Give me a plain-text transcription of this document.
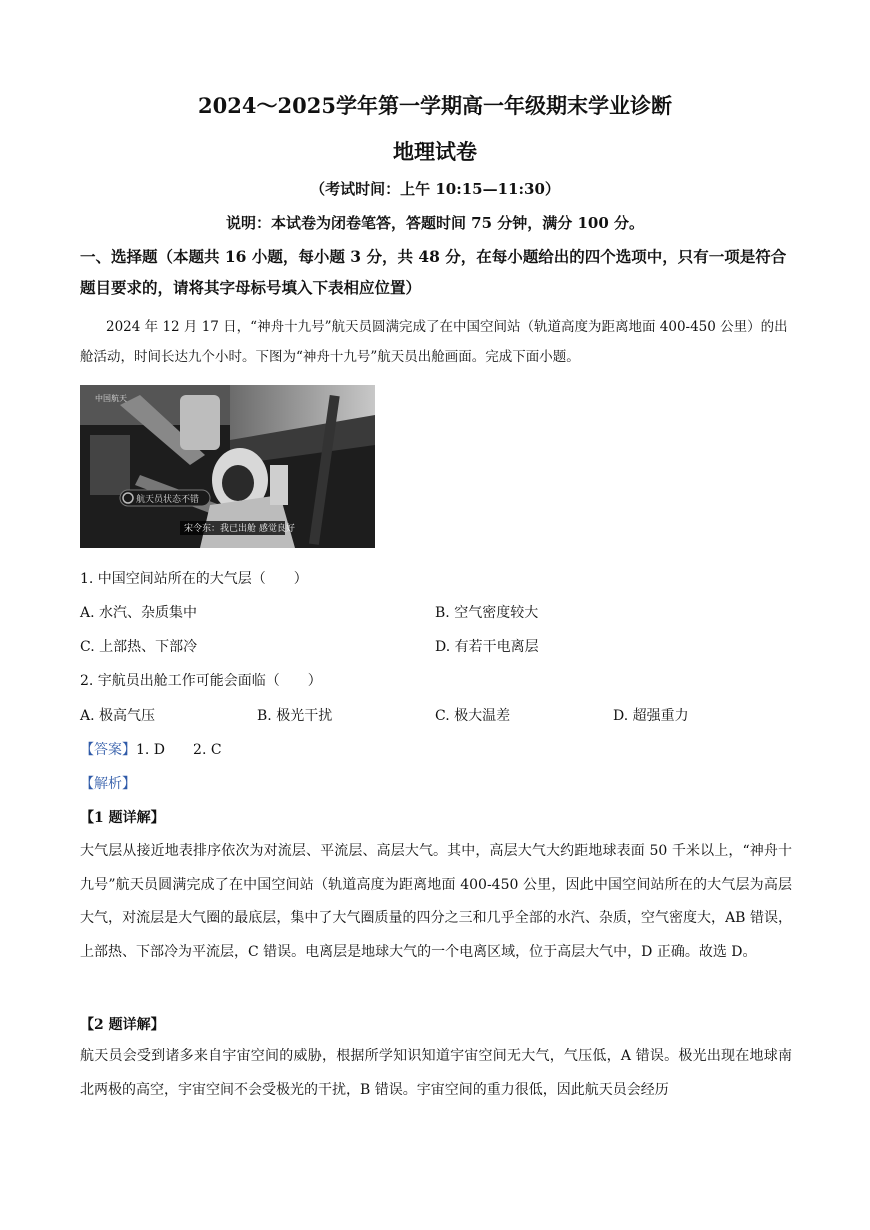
2024～2025学年第一学期高一年级期末学业诊断
地理试卷
（考试时间：上午 10:15—11:30）
说明：本试卷为闭卷笔答，答题时间 75 分钟，满分 100 分。
一、选择题（本题共 16 小题，每小题 3 分，共 48 分，在每小题给出的四个选项中，只有一项是符合题目要求的，请将其字母标号填入下表相应位置）
2024 年 12 月 17 日，“神舟十九号”航天员圆满完成了在中国空间站（轨道高度为距离地面 400-450 公里）的出舱活动，时间长达九个小时。下图为“神舟十九号”航天员出舱画面。完成下面小题。
航天员状态不错
宋令东：我已出舱 感觉良好
中国航天
1. 中国空间站所在的大气层（　　）
A. 水汽、杂质集中	B. 空气密度较大
C. 上部热、下部冷	D. 有若干电离层
2. 宇航员出舱工作可能会面临（　　）
A. 极高气压	B. 极光干扰	C. 极大温差	D. 超强重力
【答案】1. D　　2. C
【解析】
【1 题详解】
大气层从接近地表排序依次为对流层、平流层、高层大气。其中，高层大气大约距地球表面 50 千米以上，“神舟十九号”航天员圆满完成了在中国空间站（轨道高度为距离地面 400-450 公里，因此中国空间站所在的大气层为高层大气，对流层是大气圈的最底层，集中了大气圈质量的四分之三和几乎全部的水汽、杂质，空气密度大，AB 错误，上部热、下部冷为平流层，C 错误。电离层是地球大气的一个电离区域，位于高层大气中，D 正确。故选 D。
【2 题详解】
航天员会受到诸多来自宇宙空间的威胁，根据所学知识知道宇宙空间无大气，气压低，A 错误。极光出现在地球南北两极的高空，宇宙空间不会受极光的干扰，B 错误。宇宙空间的重力很低，因此航天员会经历
